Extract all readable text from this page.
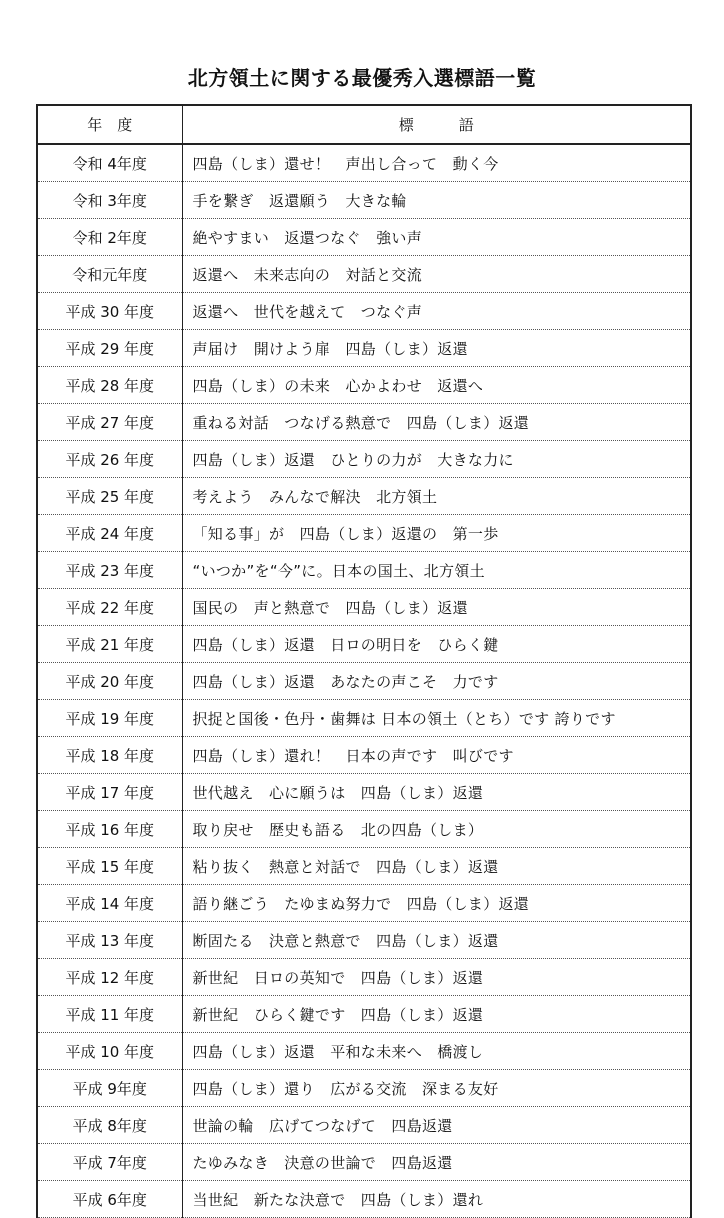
北方領土に関する最優秀入選標語一覧
年　度	標　　　語
令和 4年度	四島（しま）還せ！　声出し合って　動く今
令和 3年度	手を繋ぎ　返還願う　大きな輪
令和 2年度	絶やすまい　返還つなぐ　強い声
令和元年度	返還へ　未来志向の　対話と交流
平成 30 年度	返還へ　世代を越えて　つなぐ声
平成 29 年度	声届け　開けよう扉　四島（しま）返還
平成 28 年度	四島（しま）の未来　心かよわせ　返還へ
平成 27 年度	重ねる対話　つなげる熱意で　四島（しま）返還
平成 26 年度	四島（しま）返還　ひとりの力が　大きな力に
平成 25 年度	考えよう　みんなで解決　北方領土
平成 24 年度	「知る事」が　四島（しま）返還の　第一歩
平成 23 年度	“いつか”を“今”に。日本の国土、北方領土
平成 22 年度	国民の　声と熱意で　四島（しま）返還
平成 21 年度	四島（しま）返還　日ロの明日を　ひらく鍵
平成 20 年度	四島（しま）返還　あなたの声こそ　力です
平成 19 年度	択捉と国後・色丹・歯舞は 日本の領土（とち）です 誇りです
平成 18 年度	四島（しま）還れ！　日本の声です　叫びです
平成 17 年度	世代越え　心に願うは　四島（しま）返還
平成 16 年度	取り戻せ　歴史も語る　北の四島（しま）
平成 15 年度	粘り抜く　熱意と対話で　四島（しま）返還
平成 14 年度	語り継ごう　たゆまぬ努力で　四島（しま）返還
平成 13 年度	断固たる　決意と熱意で　四島（しま）返還
平成 12 年度	新世紀　日ロの英知で　四島（しま）返還
平成 11 年度	新世紀　ひらく鍵です　四島（しま）返還
平成 10 年度	四島（しま）返還　平和な未来へ　橋渡し
平成 9年度	四島（しま）還り　広がる交流　深まる友好
平成 8年度	世論の輪　広げてつなげて　四島返還
平成 7年度	たゆみなき　決意の世論で　四島返還
平成 6年度	当世紀　新たな決意で　四島（しま）還れ
